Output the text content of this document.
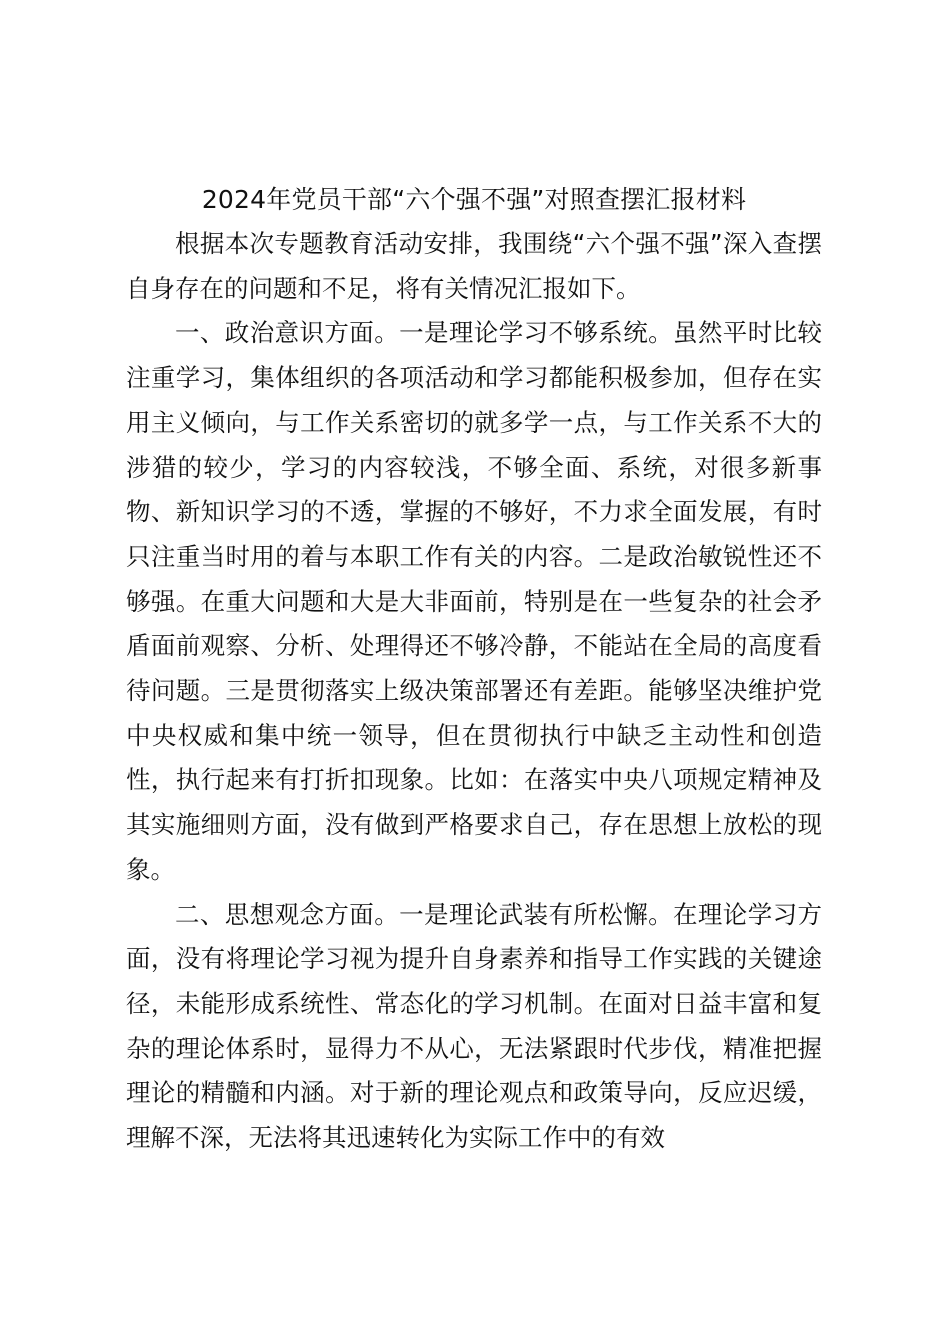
2024年党员干部“六个强不强”对照查摆汇报材料

根据本次专题教育活动安排，我围绕“六个强不强”深入查摆自身存在的问题和不足，将有关情况汇报如下。

一、政治意识方面。一是理论学习不够系统。虽然平时比较注重学习，集体组织的各项活动和学习都能积极参加，但存在实用主义倾向，与工作关系密切的就多学一点，与工作关系不大的涉猎的较少，学习的内容较浅，不够全面、系统，对很多新事物、新知识学习的不透，掌握的不够好，不力求全面发展，有时只注重当时用的着与本职工作有关的内容。二是政治敏锐性还不够强。在重大问题和大是大非面前，特别是在一些复杂的社会矛盾面前观察、分析、处理得还不够冷静，不能站在全局的高度看待问题。三是贯彻落实上级决策部署还有差距。能够坚决维护党中央权威和集中统一领导，但在贯彻执行中缺乏主动性和创造性，执行起来有打折扣现象。比如：在落实中央八项规定精神及其实施细则方面，没有做到严格要求自己，存在思想上放松的现象。

二、思想观念方面。一是理论武装有所松懈。在理论学习方面，没有将理论学习视为提升自身素养和指导工作实践的关键途径，未能形成系统性、常态化的学习机制。在面对日益丰富和复杂的理论体系时，显得力不从心，无法紧跟时代步伐，精准把握理论的精髓和内涵。对于新的理论观点和政策导向，反应迟缓，理解不深，无法将其迅速转化为实际工作中的有效
